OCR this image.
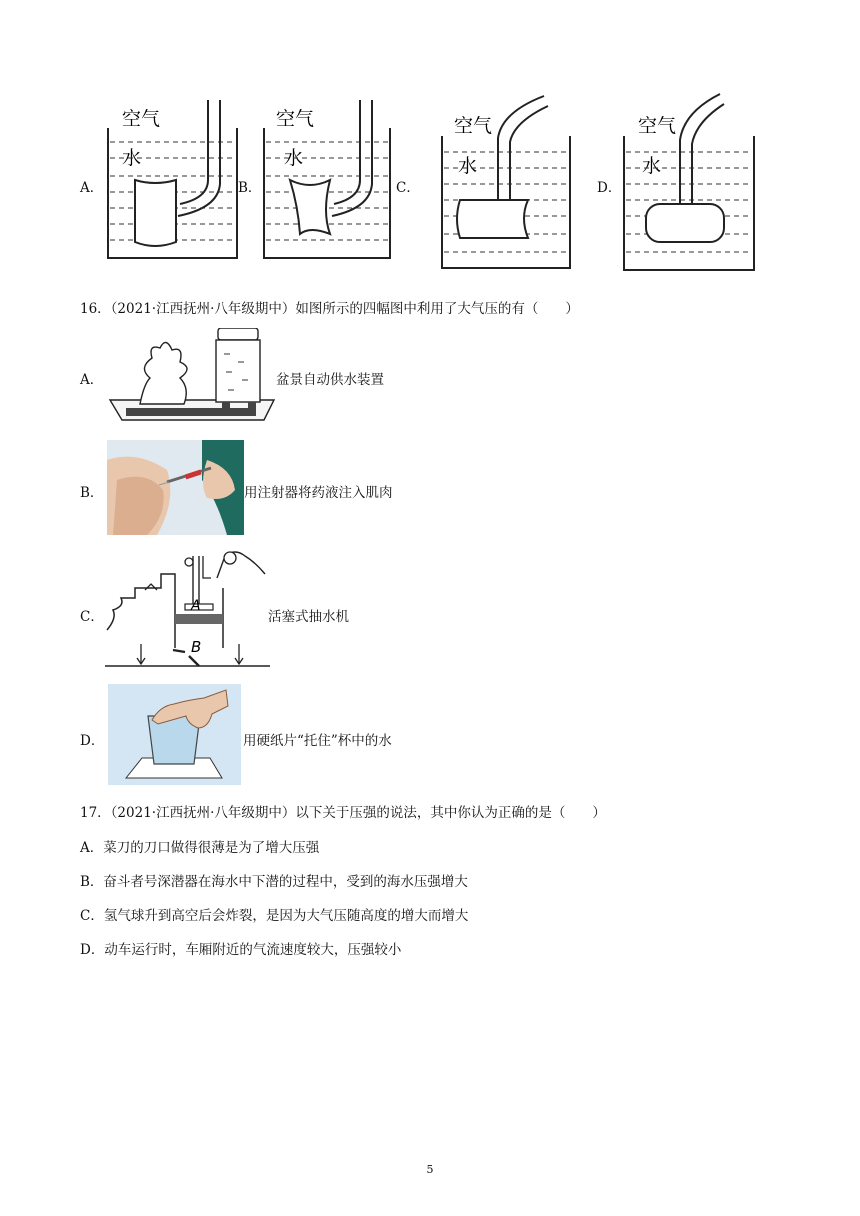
A．
空气
水
B．
空气
水
C．
空气
水
D．
空气
水
16．（2021·江西抚州·八年级期中）如图所示的四幅图中利用了大气压的有（　　）
A．	盆景自动供水装置
B．	用注射器将药液注入肌肉
C．
A
B
活塞式抽水机
D．	用硬纸片“托住”杯中的水
17．（2021·江西抚州·八年级期中）以下关于压强的说法，其中你认为正确的是（　　）
A．菜刀的刀口做得很薄是为了增大压强
B．奋斗者号深潜器在海水中下潜的过程中，受到的海水压强增大
C．氢气球升到高空后会炸裂，是因为大气压随高度的增大而增大
D．动车运行时，车厢附近的气流速度较大，压强较小
5
